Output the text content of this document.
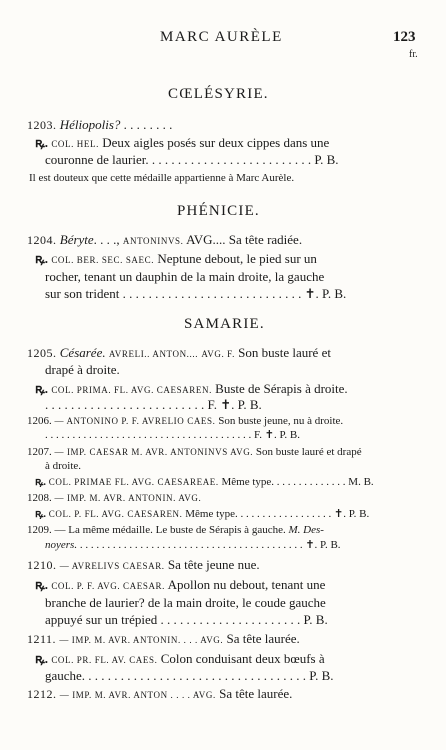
MARC AURÈLE	123
fr.
CŒLÉSYRIE.
1203. Héliopolis? . . . . . . . .
ꝶ. COL. HEL. Deux aigles posés sur deux cippes dans une
couronne de laurier. . . . . . . . . . . . . . . . . . . . . . . . . . P. B.
Il est douteux que cette médaille appartienne à Marc Aurèle.
PHÉNICIE.
1204. Béryte. . . ., ANTONINVS. AVG.... Sa tête radiée.
ꝶ. COL. BER. SEC. SAEC. Neptune debout, le pied sur un
rocher, tenant un dauphin de la main droite, la gauche
sur son trident . . . . . . . . . . . . . . . . . . . . . . . . . . . . ✝. P. B.
SAMARIE.
1205. Césarée. AVRELI.. ANTON.... AVG. F. Son buste lauré et
drapé à droite.
ꝶ. COL. PRIMA. FL. AVG. CAESAREN. Buste de Sérapis à droite.
. . . . . . . . . . . . . . . . . . . . . . . . . F. ✝. P. B.
1206. — ANTONINO P. F. AVRELIO CAES. Son buste jeune, nu à droite.
. . . . . . . . . . . . . . . . . . . . . . . . . . . . . . . . . . . . . . F. ✝. P. B.
1207. — IMP. CAESAR M. AVR. ANTONINVS AVG. Son buste lauré et drapé
à droite.
ꝶ. COL. PRIMAE FL. AVG. CAESAREAE. Même type. . . . . . . . . . . . . . M. B.
1208. — IMP. M. AVR. ANTONIN. AVG.
ꝶ. COL. P. FL. AVG. CAESAREN. Même type. . . . . . . . . . . . . . . . . . ✝. P. B.
1209. — La même médaille. Le buste de Sérapis à gauche. M. Des-
noyers. . . . . . . . . . . . . . . . . . . . . . . . . . . . . . . . . . . . . . . . . . ✝. P. B.
1210. — AVRELIVS CAESAR. Sa tête jeune nue.
ꝶ. COL. P. F. AVG. CAESAR. Apollon nu debout, tenant une
branche de laurier? de la main droite, le coude gauche
appuyé sur un trépied . . . . . . . . . . . . . . . . . . . . . . P. B.
1211. — IMP. M. AVR. ANTONIN. . . . AVG. Sa tête laurée.
ꝶ. COL. PR. FL. AV. CAES. Colon conduisant deux bœufs à
gauche. . . . . . . . . . . . . . . . . . . . . . . . . . . . . . . . . . . P. B.
1212. — IMP. M. AVR. ANTON . . . . AVG. Sa tête laurée.
